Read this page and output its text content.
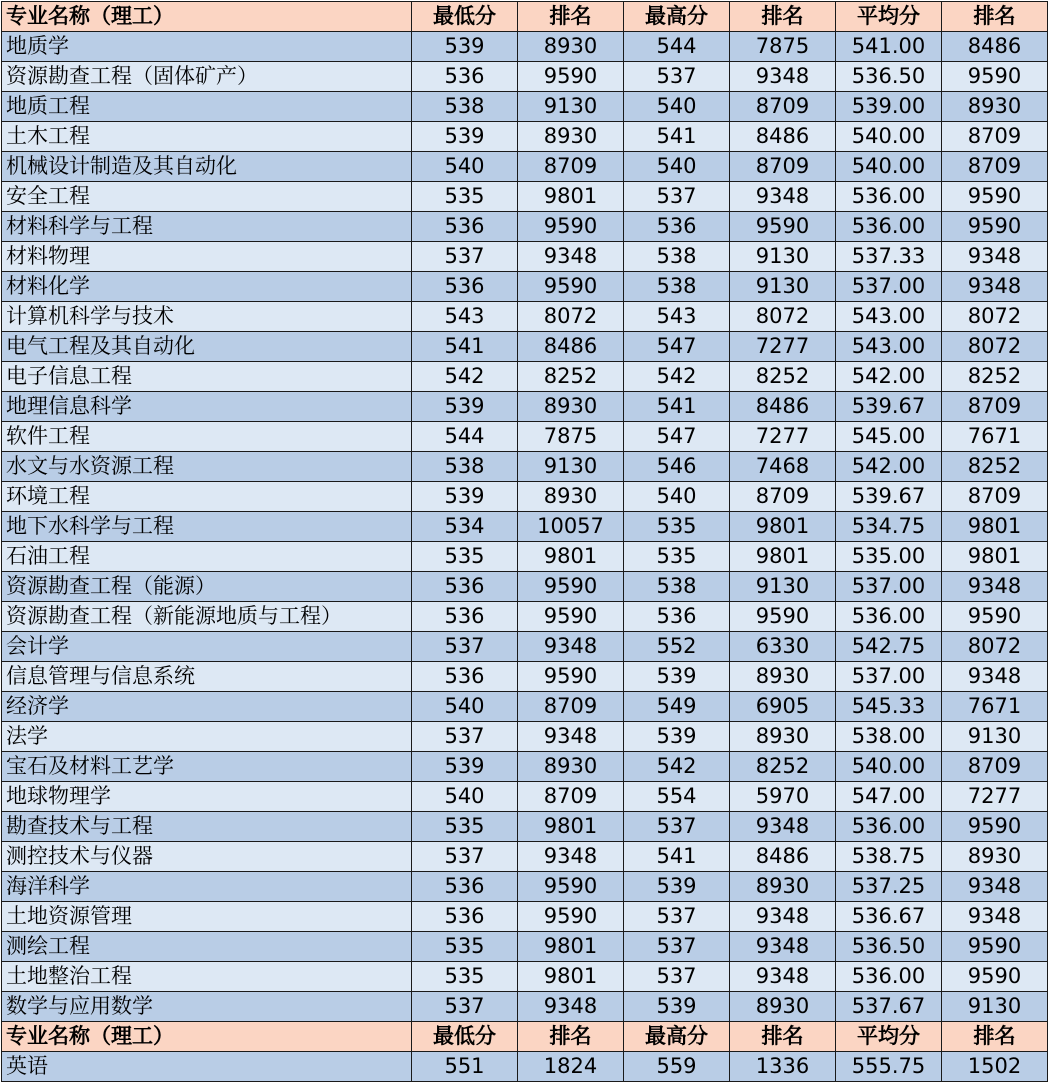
专业名称（理工）	最低分	排名	最高分	排名	平均分	排名
地质学	539	8930	544	7875	541.00	8486
资源勘查工程（固体矿产）	536	9590	537	9348	536.50	9590
地质工程	538	9130	540	8709	539.00	8930
土木工程	539	8930	541	8486	540.00	8709
机械设计制造及其自动化	540	8709	540	8709	540.00	8709
安全工程	535	9801	537	9348	536.00	9590
材料科学与工程	536	9590	536	9590	536.00	9590
材料物理	537	9348	538	9130	537.33	9348
材料化学	536	9590	538	9130	537.00	9348
计算机科学与技术	543	8072	543	8072	543.00	8072
电气工程及其自动化	541	8486	547	7277	543.00	8072
电子信息工程	542	8252	542	8252	542.00	8252
地理信息科学	539	8930	541	8486	539.67	8709
软件工程	544	7875	547	7277	545.00	7671
水文与水资源工程	538	9130	546	7468	542.00	8252
环境工程	539	8930	540	8709	539.67	8709
地下水科学与工程	534	10057	535	9801	534.75	9801
石油工程	535	9801	535	9801	535.00	9801
资源勘查工程（能源）	536	9590	538	9130	537.00	9348
资源勘查工程（新能源地质与工程）	536	9590	536	9590	536.00	9590
会计学	537	9348	552	6330	542.75	8072
信息管理与信息系统	536	9590	539	8930	537.00	9348
经济学	540	8709	549	6905	545.33	7671
法学	537	9348	539	8930	538.00	9130
宝石及材料工艺学	539	8930	542	8252	540.00	8709
地球物理学	540	8709	554	5970	547.00	7277
勘查技术与工程	535	9801	537	9348	536.00	9590
测控技术与仪器	537	9348	541	8486	538.75	8930
海洋科学	536	9590	539	8930	537.25	9348
土地资源管理	536	9590	537	9348	536.67	9348
测绘工程	535	9801	537	9348	536.50	9590
土地整治工程	535	9801	537	9348	536.00	9590
数学与应用数学	537	9348	539	8930	537.67	9130
专业名称（理工）	最低分	排名	最高分	排名	平均分	排名
英语	551	1824	559	1336	555.75	1502
